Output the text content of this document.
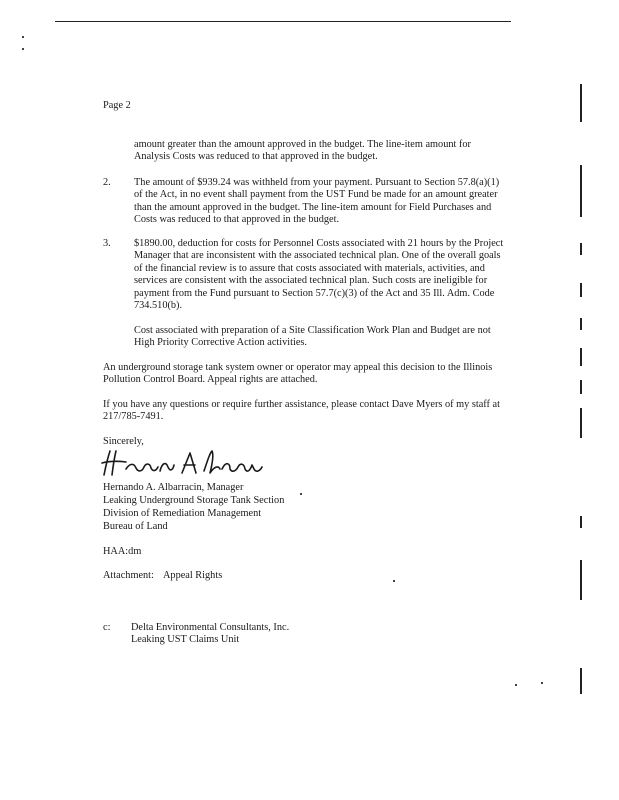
Page 2
amount greater than the amount approved in the budget. The line-item amount for Analysis Costs was reduced to that approved in the budget.
2.	The amount of $939.24 was withheld from your payment. Pursuant to Section 57.8(a)(1) of the Act, in no event shall payment from the UST Fund be made for an amount greater than the amount approved in the budget. The line-item amount for Field Purchases and Costs was reduced to that approved in the budget.
3.	$1890.00, deduction for costs for Personnel Costs associated with 21 hours by the Project Manager that are inconsistent with the associated technical plan. One of the overall goals of the financial review is to assure that costs associated with materials, activities, and services are consistent with the associated technical plan. Such costs are ineligible for payment from the Fund pursuant to Section 57.7(c)(3) of the Act and 35 Ill. Adm. Code 734.510(b).
Cost associated with preparation of a Site Classification Work Plan and Budget are not High Priority Corrective Action activities.
An underground storage tank system owner or operator may appeal this decision to the Illinois Pollution Control Board. Appeal rights are attached.
If you have any questions or require further assistance, please contact Dave Myers of my staff at 217/785-7491.
Sincerely,
Hernando A. Albarracin, Manager
Leaking Underground Storage Tank Section
Division of Remediation Management
Bureau of Land
HAA:dm
Attachment: Appeal Rights
c: Delta Environmental Consultants, Inc.
Leaking UST Claims Unit
